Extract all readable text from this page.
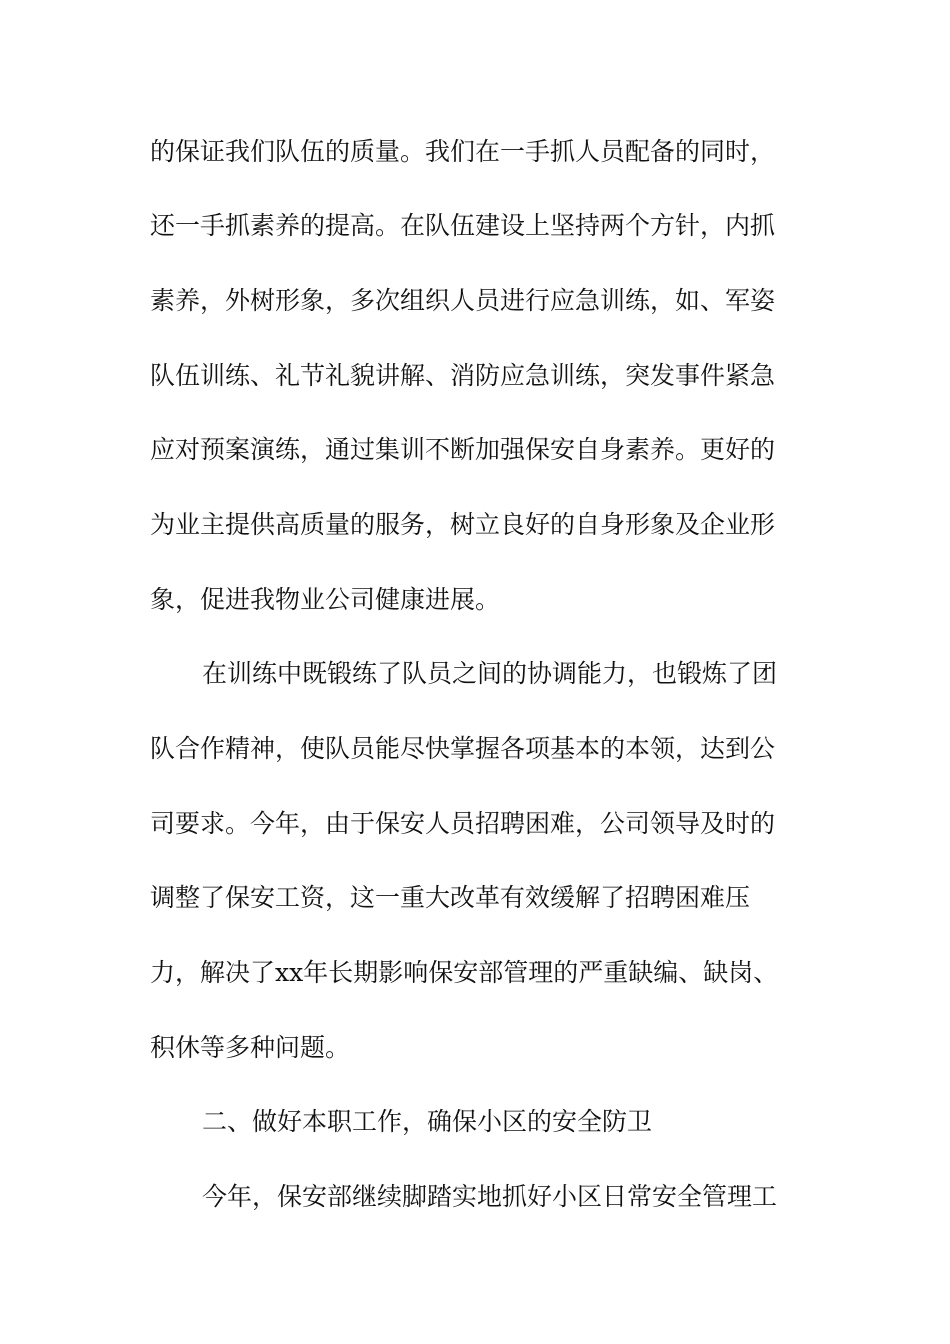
的保证我们队伍的质量。我们在一手抓人员配备的同时，
还一手抓素养的提高。在队伍建设上坚持两个方针，内抓
素养，外树形象，多次组织人员进行应急训练，如、军姿
队伍训练、礼节礼貌讲解、消防应急训练，突发事件紧急
应对预案演练，通过集训不断加强保安自身素养。更好的
为业主提供高质量的服务，树立良好的自身形象及企业形
象，促进我物业公司健康进展。
在训练中既锻练了队员之间的协调能力，也锻炼了团
队合作精神，使队员能尽快掌握各项基本的本领，达到公
司要求。今年，由于保安人员招聘困难，公司领导及时的
调整了保安工资，这一重大改革有效缓解了招聘困难压
力，解决了xx年长期影响保安部管理的严重缺编、缺岗、
积休等多种问题。
二、做好本职工作，确保小区的安全防卫
今年，保安部继续脚踏实地抓好小区日常安全管理工
